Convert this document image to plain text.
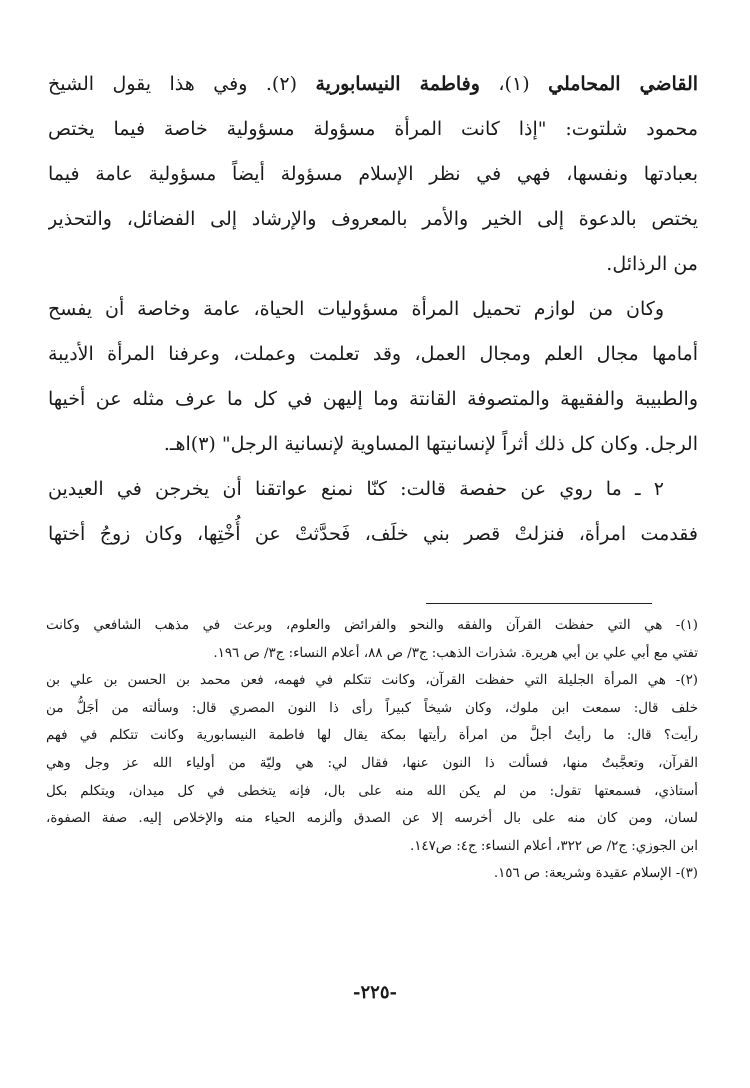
القاضي المحاملي (١)، وفاطمة النيسابورية (٢). وفي هذا يقول الشيخ
محمود شلتوت: "إذا كانت المرأة مسؤولة مسؤولية خاصة فيما يختص
بعبادتها ونفسها، فهي في نظر الإسلام مسؤولة أيضاً مسؤولية عامة فيما
يختص بالدعوة إلى الخير والأمر بالمعروف والإرشاد إلى الفضائل، والتحذير
من الرذائل.
وكان من لوازم تحميل المرأة مسؤوليات الحياة، عامة وخاصة أن يفسح
أمامها مجال العلم ومجال العمل، وقد تعلمت وعملت، وعرفنا المرأة الأديبة
والطبيبة والفقيهة والمتصوفة القانتة وما إليهن في كل ما عرف مثله عن أخيها
الرجل. وكان كل ذلك أثراً لإنسانيتها المساوية لإنسانية الرجل" (٣)اهـ.
٢ ـ ما روي عن حفصة قالت: كنّا نمنع عواتقنا أن يخرجن في العيدين
فقدمت امرأة، فنزلتْ قصر بني خلَف، فَحدَّثتْ عن أُخْتِها، وكان زوجُ أختها
(١)- هي التي حفظت القرآن والفقه والنحو والفرائض والعلوم، وبرعت في مذهب الشافعي وكانت
تفتي مع أبي علي بن أبي هريرة. شذرات الذهب: ج٣/ ص ٨٨، أعلام النساء: ج٣/ ص ١٩٦.
(٢)- هي المرأة الجليلة التي حفظت القرآن، وكانت تتكلم في فهمه، فعن محمد بن الحسن بن علي بن
خلف قال: سمعت ابن ملوك، وكان شيخاً كبيراً رأى ذا النون المصري قال: وسألته من أجَلُّ من
رأيت؟ قال: ما رأيتُ أجلَّ من امرأة رأيتها بمكة يقال لها فاطمة النيسابورية وكانت تتكلم في فهم
القرآن، وتعجَّبتُ منها، فسألت ذا النون عنها، فقال لي: هي وليّة من أولياء الله عز وجل وهي
أستاذي، فسمعتها تقول: من لم يكن الله منه على بال، فإنه يتخطى في كل ميدان، ويتكلم بكل
لسان، ومن كان منه على بال أخرسه إلا عن الصدق وألزمه الحياء منه والإخلاص إليه. صفة الصفوة،
ابن الجوزي: ج٢/ ص ٣٢٢، أعلام النساء: ج٤: ص١٤٧.
(٣)- الإسلام عقيدة وشريعة: ص ١٥٦.
-٢٢٥-
